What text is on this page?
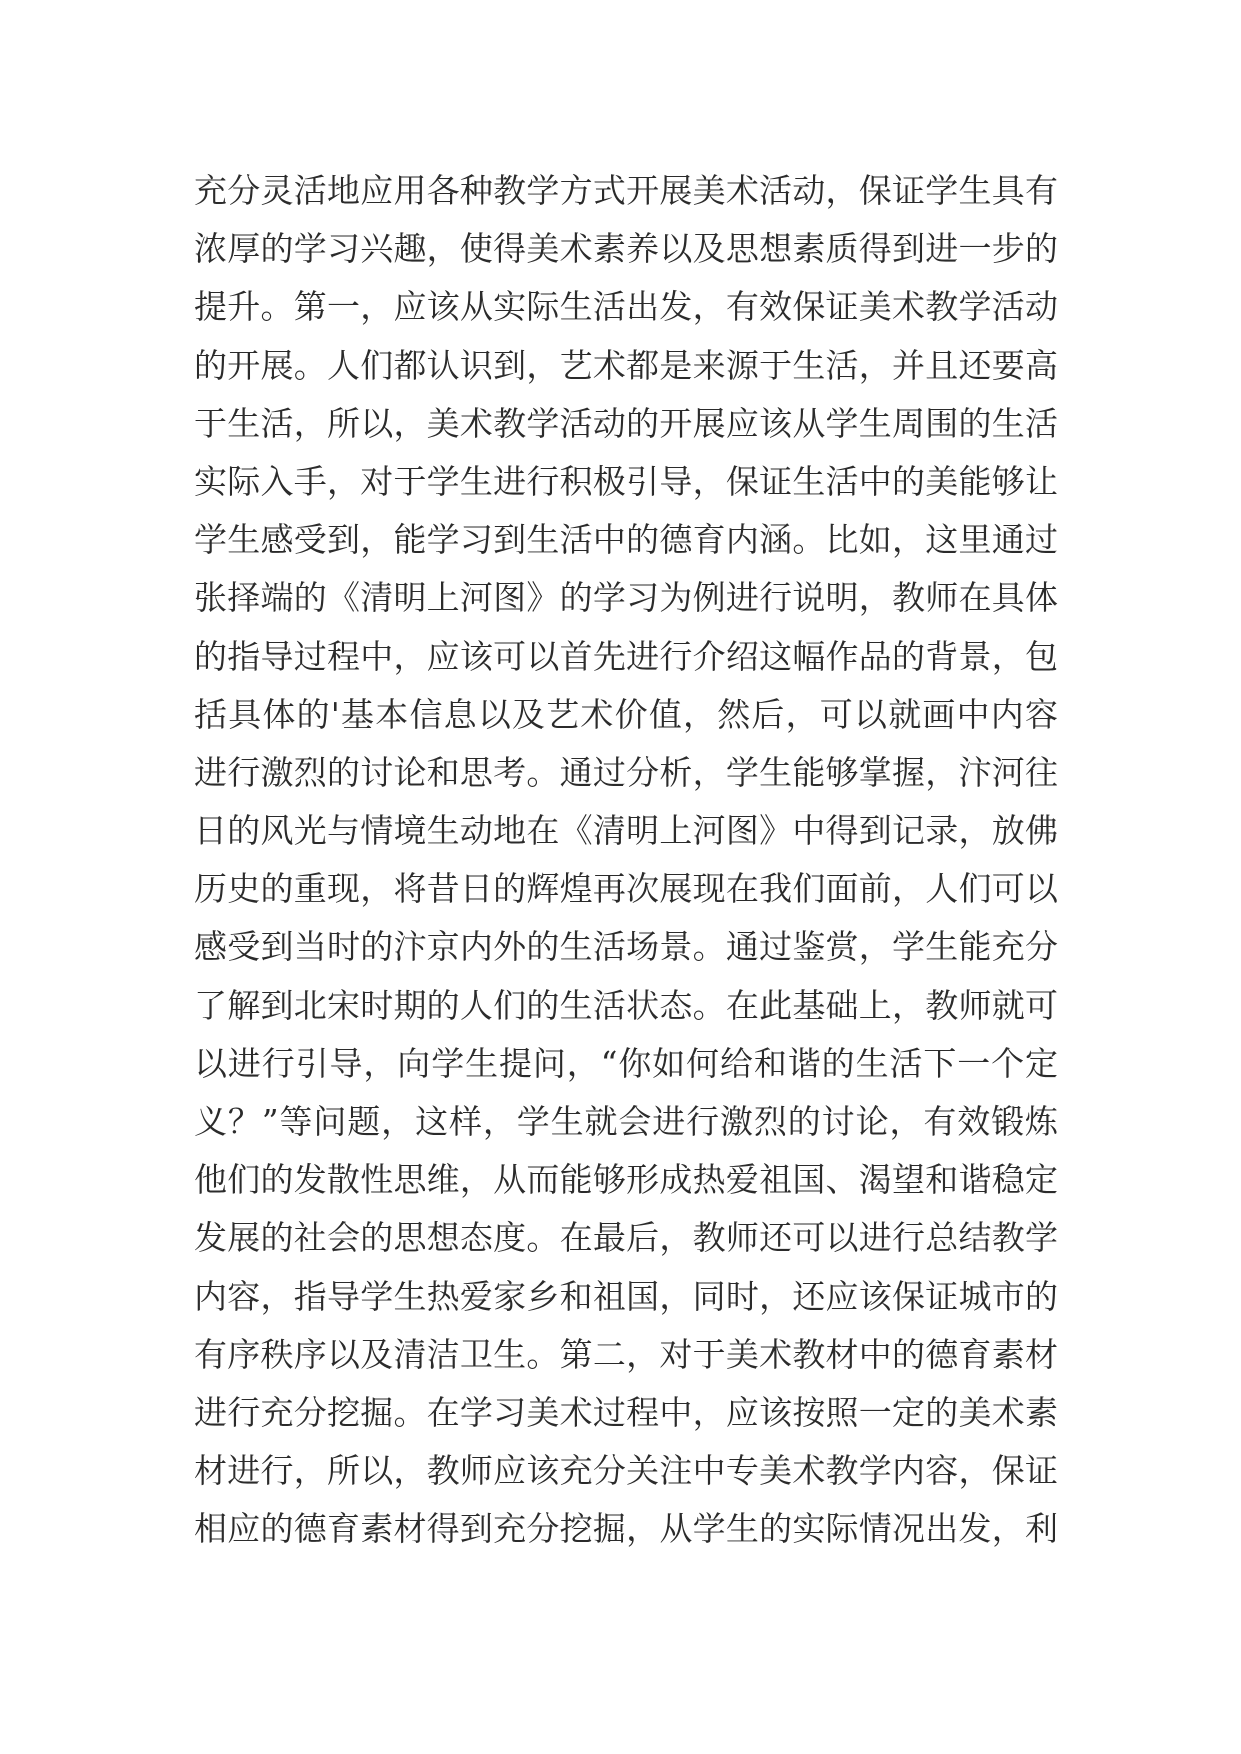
充分灵活地应用各种教学方式开展美术活动，保证学生具有
浓厚的学习兴趣，使得美术素养以及思想素质得到进一步的
提升。第一，应该从实际生活出发，有效保证美术教学活动
的开展。人们都认识到，艺术都是来源于生活，并且还要高
于生活，所以，美术教学活动的开展应该从学生周围的生活
实际入手，对于学生进行积极引导，保证生活中的美能够让
学生感受到，能学习到生活中的德育内涵。比如，这里通过
张择端的《清明上河图》的学习为例进行说明，教师在具体
的指导过程中，应该可以首先进行介绍这幅作品的背景，包
括具体的'基本信息以及艺术价值，然后，可以就画中内容
进行激烈的讨论和思考。通过分析，学生能够掌握，汴河往
日的风光与情境生动地在《清明上河图》中得到记录，放佛
历史的重现，将昔日的辉煌再次展现在我们面前，人们可以
感受到当时的汴京内外的生活场景。通过鉴赏，学生能充分
了解到北宋时期的人们的生活状态。在此基础上，教师就可
以进行引导，向学生提问，“你如何给和谐的生活下一个定
义？”等问题，这样，学生就会进行激烈的讨论，有效锻炼
他们的发散性思维，从而能够形成热爱祖国、渴望和谐稳定
发展的社会的思想态度。在最后，教师还可以进行总结教学
内容，指导学生热爱家乡和祖国，同时，还应该保证城市的
有序秩序以及清洁卫生。第二，对于美术教材中的德育素材
进行充分挖掘。在学习美术过程中，应该按照一定的美术素
材进行，所以，教师应该充分关注中专美术教学内容，保证
相应的德育素材得到充分挖掘，从学生的实际情况出发，利
